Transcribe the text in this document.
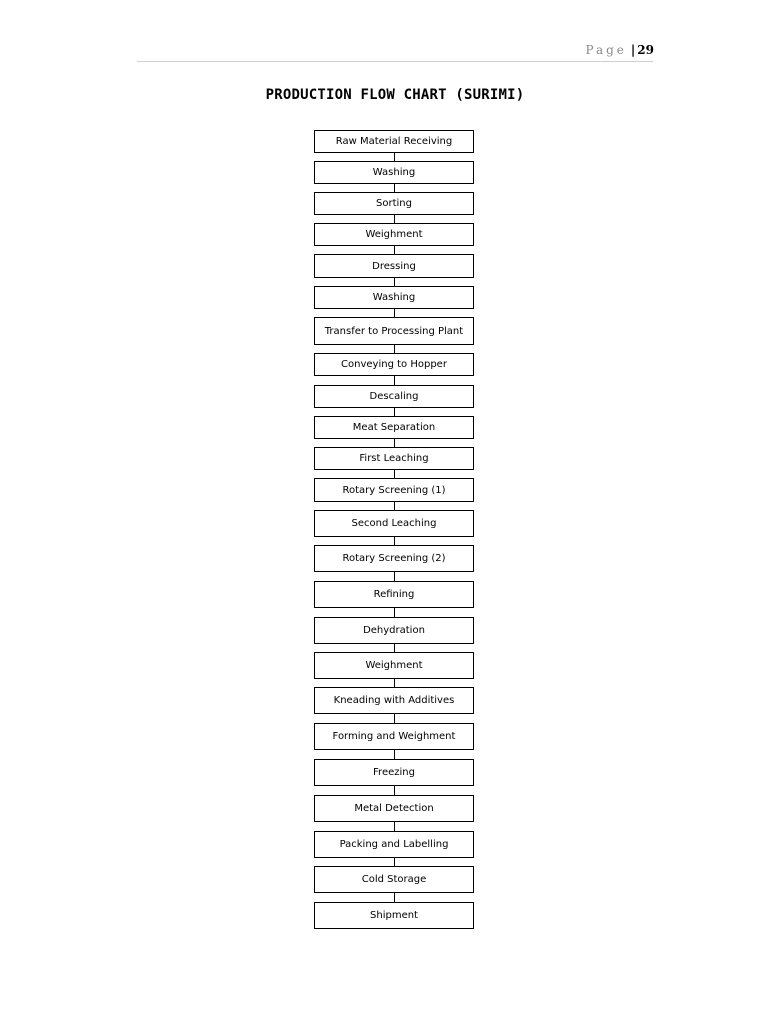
Page | 29
PRODUCTION FLOW CHART (SURIMI)
Raw Material Receiving
Washing
Sorting
Weighment
Dressing
Washing
Transfer to Processing Plant
Conveying to Hopper
Descaling
Meat Separation
First Leaching
Rotary Screening (1)
Second Leaching
Rotary Screening (2)
Refining
Dehydration
Weighment
Kneading with Additives
Forming and Weighment
Freezing
Metal Detection
Packing and Labelling
Cold Storage
Shipment
